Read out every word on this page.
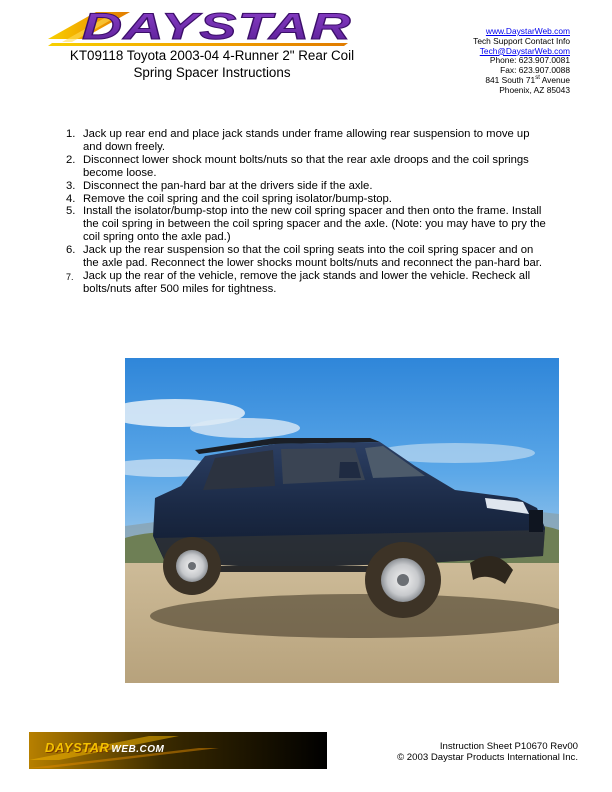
DAYSTAR
KT09118 Toyota 2003-04 4-Runner 2" Rear Coil
Spring Spacer Instructions
www.DaystarWeb.com
Tech Support Contact Info
Tech@DaystarWeb.com
Phone: 623.907.0081
Fax: 623.907.0088
841 South 71st Avenue
Phoenix, AZ 85043
1. Jack up rear end and place jack stands under frame allowing rear suspension to move up and down freely.
2. Disconnect lower shock mount bolts/nuts so that the rear axle droops and the coil springs become loose.
3. Disconnect the pan-hard bar at the drivers side if the axle.
4. Remove the coil spring and the coil spring isolator/bump-stop.
5. Install the isolator/bump-stop into the new coil spring spacer and then onto the frame. Install the coil spring in between the coil spring spacer and the axle. (Note: you may have to pry the coil spring onto the axle pad.)
6. Jack up the rear suspension so that the coil spring seats into the coil spring spacer and on the axle pad. Reconnect the lower shocks mount bolts/nuts and reconnect the pan-hard bar.
7. Jack up the rear of the vehicle, remove the jack stands and lower the vehicle. Recheck all bolts/nuts after 500 miles for tightness.
DAYSTAR WEB.COM	Instruction Sheet P10670 Rev00
© 2003 Daystar Products International Inc.
